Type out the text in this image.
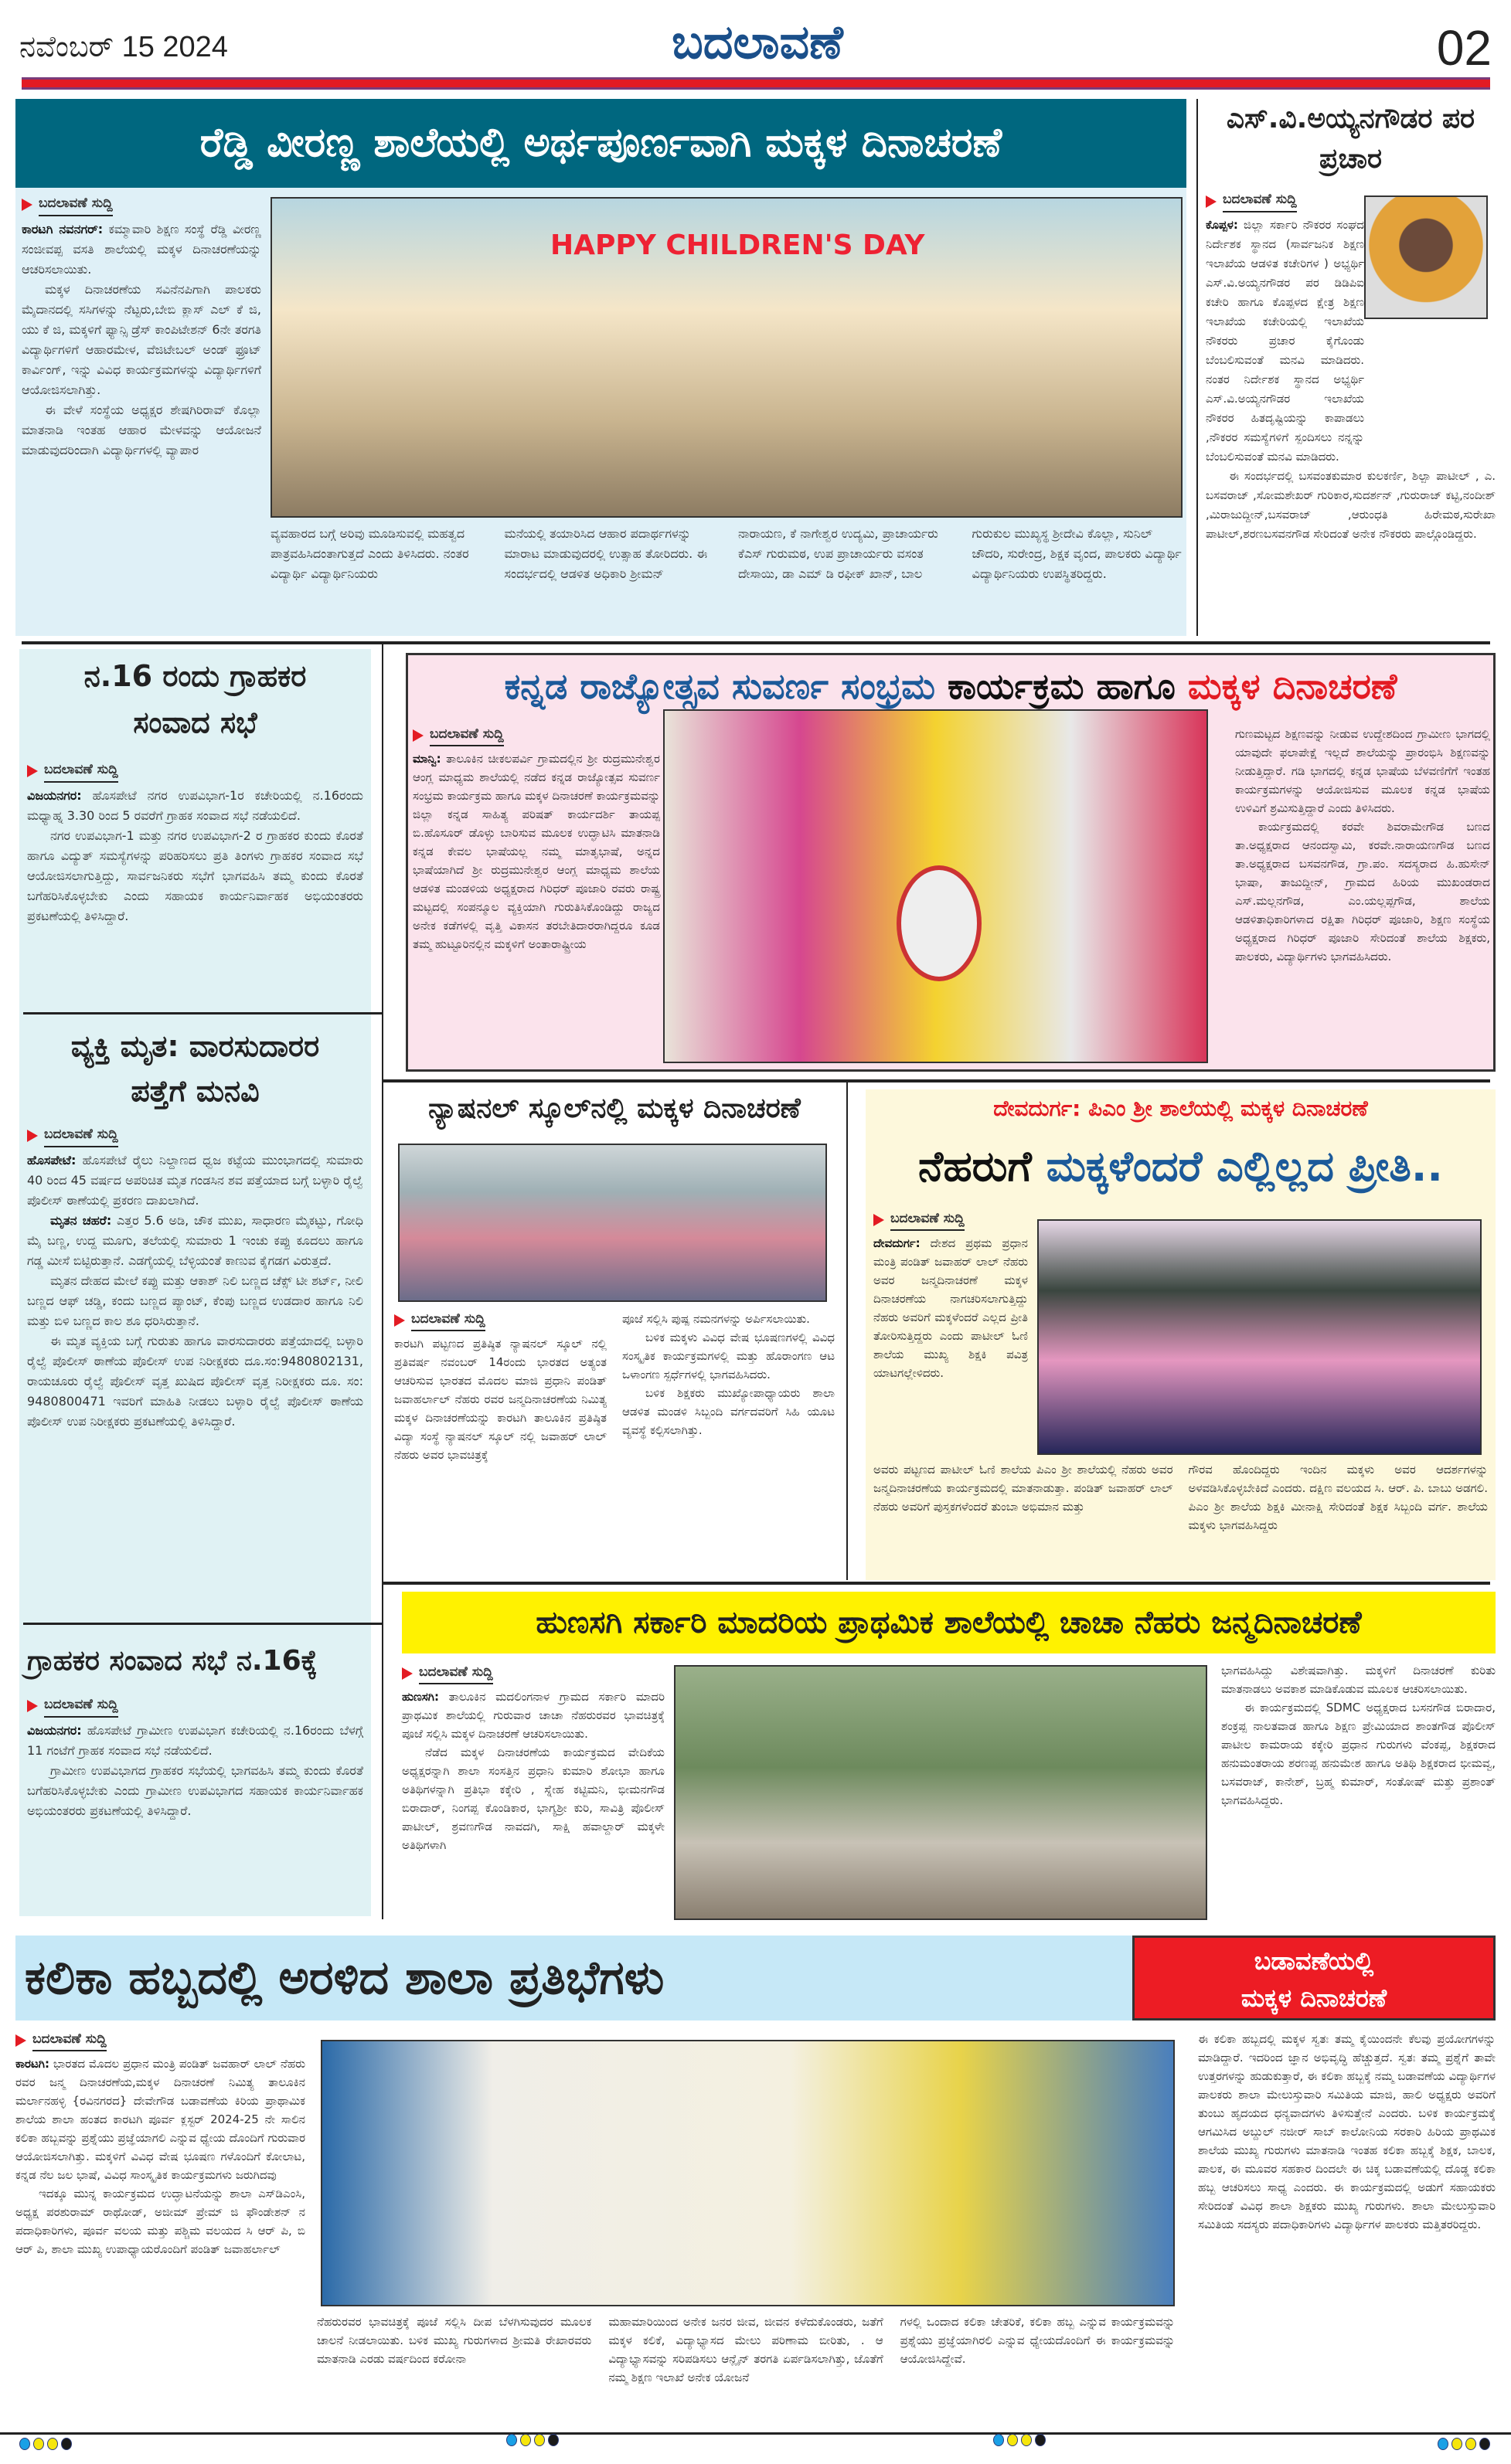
ನವೆಂಬರ್ 15 2024	ಬದಲಾವಣೆ	02
ರೆಡ್ಡಿ ವೀರಣ್ಣ ಶಾಲೆಯಲ್ಲಿ ಅರ್ಥಪೂರ್ಣವಾಗಿ ಮಕ್ಕಳ ದಿನಾಚರಣೆ
ಬದಲಾವಣೆ ಸುದ್ದಿ

ಕಾರಟಗಿ ನವನಗರ್: ಕಮ್ಮಾವಾರಿ ಶಿಕ್ಷಣ ಸಂಸ್ಥೆ ರೆಡ್ಡಿ ವೀರಣ್ಣ ಸಂಜೀವಪ್ಪ ವಸತಿ ಶಾಲೆಯಲ್ಲಿ ಮಕ್ಕಳ ದಿನಾಚರಣೆಯನ್ನು ಆಚರಿಸಲಾಯಿತು.

ಮಕ್ಕಳ ದಿನಾಚರಣೆಯ ಸವಿನೆನಪಿಗಾಗಿ ಪಾಲಕರು ಮೈದಾನದಲ್ಲಿ ಸಸಿಗಳನ್ನು ನೆಟ್ಟರು,ಬೇಬಿ ಕ್ಲಾಸ್ ಎಲ್ ಕೆ ಜಿ, ಯು ಕೆ ಜಿ, ಮಕ್ಕಳಿಗೆ ಫ್ಯಾನ್ಸಿ ಡ್ರೆಸ್ ಕಾಂಪಿಟೇಶನ್ 6ನೇ ತರಗತಿ ವಿದ್ಯಾರ್ಥಿಗಳಿಗೆ ಆಹಾರಮೇಳ, ವೆಜಿಟೇಬಲ್ ಅಂಡ್ ಫ್ರೂಟ್ ಕಾರ್ವಿಂಗ್, ಇನ್ನು ವಿವಿಧ ಕಾರ್ಯಕ್ರಮಗಳನ್ನು ವಿದ್ಯಾರ್ಥಿಗಳಿಗೆ ಆಯೋಜಿಸಲಾಗಿತ್ತು.

ಈ ವೇಳೆ ಸಂಸ್ಥೆಯ ಅಧ್ಯಕ್ಷರ ಶೇಷಗಿರಿರಾವ್ ಕೊಲ್ಲಾ ಮಾತನಾಡಿ ಇಂತಹ ಆಹಾರ ಮೇಳವನ್ನು ಆಯೋಜನೆ ಮಾಡುವುದರಿಂದಾಗಿ ವಿದ್ಯಾರ್ಥಿಗಳಲ್ಲಿ ವ್ಯಾಪಾರ

HAPPY CHILDREN'S DAY
ವ್ಯವಹಾರದ ಬಗ್ಗೆ ಅರಿವು ಮೂಡಿಸುವಲ್ಲಿ ಮಹತ್ವದ ಪಾತ್ರವಹಿಸಿದಂತಾಗುತ್ತದೆ ಎಂದು ತಿಳಿಸಿದರು. ನಂತರ ವಿದ್ಯಾರ್ಥಿ ವಿದ್ಯಾರ್ಥಿನಿಯರು
ಮನೆಯಲ್ಲಿ ತಯಾರಿಸಿದ ಆಹಾರ ಪದಾರ್ಥಗಳನ್ನು ಮಾರಾಟ ಮಾಡುವುದರಲ್ಲಿ ಉತ್ಸಾಹ ತೋರಿದರು. ಈ ಸಂದರ್ಭದಲ್ಲಿ ಆಡಳಿತ ಅಧಿಕಾರಿ ಶ್ರೀಮನ್
ನಾರಾಯಣ, ಕೆ ನಾಗೇಶ್ವರ ಉದ್ಯಮಿ, ಪ್ರಾಚಾರ್ಯರು ಕೆಎಸ್ ಗುರುಮಠ, ಉಪ ಪ್ರಾಚಾರ್ಯರು ವಸಂತ ದೇಸಾಯಿ, ಡಾ ಎಮ್ ಡಿ ರಫೀಕ್ ಖಾನ್, ಬಾಲ
ಗುರುಕುಲ ಮುಖ್ಯಸ್ಥ ಶ್ರೀದೇವಿ ಕೊಲ್ಲಾ, ಸುನಿಲ್ ಚೌದರಿ, ಸುರೇಂದ್ರ, ಶಿಕ್ಷಕ ವೃಂದ, ಪಾಲಕರು ವಿದ್ಯಾರ್ಥಿ ವಿದ್ಯಾರ್ಥಿನಿಯರು ಉಪಸ್ಥಿತರಿದ್ದರು.
ಎಸ್.ವಿ.ಅಯ್ಯನಗೌಡರ ಪರ ಪ್ರಚಾರ
ಬದಲಾವಣೆ ಸುದ್ದಿ

ಕೊಪ್ಪಳ: ಜಿಲ್ಲಾ ಸರ್ಕಾರಿ ನೌಕರರ ಸಂಘದ ನಿರ್ದೇಶಕ ಸ್ಥಾನದ (ಸಾರ್ವಜನಿಕ ಶಿಕ್ಷಣ ಇಲಾಖೆಯ ಆಡಳಿತ ಕಚೇರಿಗಳ ) ಅಭ್ಯರ್ಥಿ ಎಸ್.ವಿ.ಅಯ್ಯನಗೌಡರ ಪರ ಡಿಡಿಪಿಐ ಕಚೇರಿ ಹಾಗೂ ಕೊಪ್ಪಳದ ಕ್ಷೇತ್ರ ಶಿಕ್ಷಣ ಇಲಾಖೆಯ ಕಚೇರಿಯಲ್ಲಿ ಇಲಾಖೆಯ ನೌಕರರು ಪ್ರಚಾರ ಕೈಗೊಂಡು ಬೆಂಬಲಿಸುವಂತೆ ಮನವಿ ಮಾಡಿದರು. ನಂತರ ನಿರ್ದೇಶಕ ಸ್ಥಾನದ ಅಭ್ಯರ್ಥಿ ಎಸ್.ವಿ.ಅಯ್ಯನಗೌಡರ ಇಲಾಖೆಯ ನೌಕರರ ಹಿತದೃಷ್ಟಿಯನ್ನು ಕಾಪಾಡಲು ,ನೌಕರರ ಸಮಸ್ಯೆಗಳಿಗೆ ಸ್ಪಂದಿಸಲು ನನ್ನನ್ನು ಬೆಂಬಲಿಸುವಂತೆ ಮನವಿ ಮಾಡಿದರು.

ಈ ಸಂದರ್ಭದಲ್ಲಿ ಬಸವಂತಕುಮಾರ ಕುಲಕರ್ಣಿ, ಶಿಲ್ಪಾ ಪಾಟೀಲ್ , ಎ. ಬಸವರಾಜ್ ,ಸೋಮಶೇಖರ್ ಗುರಿಕಾರ,ಸುದರ್ಶನ್ ,ಗುರುರಾಜ್ ಕಟ್ಟಿ,ನಂದೀಶ್ ,ಮಿರಾಜುದ್ದೀನ್,ಬಸವರಾಜ್ ,ಆರುಂಧತಿ ಹಿರೇಮಠ,ಸುರೇಖಾ ಪಾಟೀಲ್,ಶರಣಬಸವನಗೌಡ ಸೇರಿದಂತೆ ಅನೇಕ ನೌಕರರು ಪಾಲ್ಗೊಂಡಿದ್ದರು.

ನ.16 ರಂದು ಗ್ರಾಹಕರ ಸಂವಾದ ಸಭೆ
ಬದಲಾವಣೆ ಸುದ್ದಿ

ವಿಜಯನಗರ: ಹೊಸಪೇಟೆ ನಗರ ಉಪವಿಭಾಗ-1ರ ಕಚೇರಿಯಲ್ಲಿ ನ.16ರಂದು ಮಧ್ಯಾಹ್ನ 3.30 ರಿಂದ 5 ರವರೆಗೆ ಗ್ರಾಹಕ ಸಂವಾದ ಸಭೆ ನಡೆಯಲಿದೆ.

ನಗರ ಉಪವಿಭಾಗ-1 ಮತ್ತು ನಗರ ಉಪವಿಭಾಗ-2 ರ ಗ್ರಾಹಕರ ಕುಂದು ಕೊರತೆ ಹಾಗೂ ವಿದ್ಯುತ್ ಸಮಸ್ಯೆಗಳನ್ನು ಪರಿಹರಿಸಲು ಪ್ರತಿ ತಿಂಗಳು ಗ್ರಾಹಕರ ಸಂವಾದ ಸಭೆ ಆಯೋಜಿಸಲಾಗುತ್ತಿದ್ದು, ಸಾರ್ವಜನಿಕರು ಸಭೆಗೆ ಭಾಗವಹಿಸಿ ತಮ್ಮ ಕುಂದು ಕೊರತೆ ಬಗೆಹರಿಸಿಕೊಳ್ಳಬೇಕು ಎಂದು ಸಹಾಯಕ ಕಾರ್ಯನಿರ್ವಾಹಕ ಅಭಿಯಂತರರು ಪ್ರಕಟಣೆಯಲ್ಲಿ ತಿಳಿಸಿದ್ದಾರೆ.

ವ್ಯಕ್ತಿ ಮೃತ: ವಾರಸುದಾರರ ಪತ್ತೆಗೆ ಮನವಿ
ಬದಲಾವಣೆ ಸುದ್ದಿ

ಹೊಸಪೇಟೆ: ಹೊಸಪೇಟೆ ರೈಲು ನಿಲ್ದಾಣದ ಧ್ವಜ ಕಟ್ಟೆಯ ಮುಂಭಾಗದಲ್ಲಿ ಸುಮಾರು 40 ರಿಂದ 45 ವರ್ಷದ ಅಪರಿಚಿತ ಮೃತ ಗಂಡಸಿನ ಶವ ಪತ್ತೆಯಾದ ಬಗ್ಗೆ ಬಳ್ಳಾರಿ ರೈಲ್ವೆ ಪೊಲೀಸ್ ಠಾಣೆಯಲ್ಲಿ ಪ್ರಕರಣ ದಾಖಲಾಗಿದೆ.

ಮೃತನ ಚಹರೆ: ಎತ್ತರ 5.6 ಅಡಿ, ಚೌಕ ಮುಖ, ಸಾಧಾರಣ ಮೈಕಟ್ಟು, ಗೋಧಿ ಮೈ ಬಣ್ಣ, ಉದ್ದ ಮೂಗು, ತಲೆಯಲ್ಲಿ ಸುಮಾರು 1 ಇಂಚು ಕಪ್ಪು ಕೂದಲು ಹಾಗೂ ಗಡ್ಡ ಮೀಸೆ ಬಿಟ್ಟಿರುತ್ತಾನೆ. ಎಡಗೈಯಲ್ಲಿ ಬೆಳ್ಳಿಯಂತೆ ಕಾಣುವ ಕೈಗಡಗ ವಿರುತ್ತದೆ.

ಮೃತನ ದೇಹದ ಮೇಲೆ ಕಪ್ಪು ಮತ್ತು ಆಕಾಶ್ ನಿಲಿ ಬಣ್ಣದ ಚೆಕ್ಸ್ ಟೀ ಶರ್ಟ್, ನೀಲಿ ಬಣ್ಣದ ಆಫ್ ಚಡ್ಡಿ, ಕಂದು ಬಣ್ಣದ ಪ್ಯಾಂಟ್, ಕೆಂಪು ಬಣ್ಣದ ಉಡದಾರ ಹಾಗೂ ನಿಲಿ ಮತ್ತು ಬಿಳಿ ಬಣ್ಣದ ಕಾಲ ಶೂ ಧರಿಸಿರುತ್ತಾನೆ.

ಈ ಮೃತ ವ್ಯಕ್ತಿಯ ಬಗ್ಗೆ ಗುರುತು ಹಾಗೂ ವಾರಸುದಾರರು ಪತ್ತೆಯಾದಲ್ಲಿ ಬಳ್ಳಾರಿ ರೈಲ್ವೆ ಪೊಲೀಸ್ ಠಾಣೆಯ ಪೊಲೀಸ್ ಉಪ ನಿರೀಕ್ಷಕರು ದೂ.ಸಂ:9480802131, ರಾಯಚೂರು ರೈಲ್ವೆ ಪೊಲೀಸ್ ವೃತ್ತ ಖುಷಿದ ಪೊಲೀಸ್ ವೃತ್ತ ನಿರೀಕ್ಷಕರು ದೂ. ಸಂ: 9480800471 ಇವರಿಗೆ ಮಾಹಿತಿ ನೀಡಲು ಬಳ್ಳಾರಿ ರೈಲ್ವೆ ಪೊಲೀಸ್ ಠಾಣೆಯ ಪೊಲೀಸ್ ಉಪ ನಿರೀಕ್ಷಕರು ಪ್ರಕಟಣೆಯಲ್ಲಿ ತಿಳಿಸಿದ್ದಾರೆ.

ಗ್ರಾಹಕರ ಸಂವಾದ ಸಭೆ ನ.16ಕ್ಕೆ
ಬದಲಾವಣೆ ಸುದ್ದಿ

ವಿಜಯನಗರ: ಹೊಸಪೇಟೆ ಗ್ರಾಮೀಣ ಉಪವಿಭಾಗ ಕಚೇರಿಯಲ್ಲಿ ನ.16ರಂದು ಬೆಳಗ್ಗೆ 11 ಗಂಟೆಗೆ ಗ್ರಾಹಕ ಸಂವಾದ ಸಭೆ ನಡೆಯಲಿದೆ.

ಗ್ರಾಮೀಣ ಉಪವಿಭಾಗದ ಗ್ರಾಹಕರ ಸಭೆಯಲ್ಲಿ ಭಾಗವಹಿಸಿ ತಮ್ಮ ಕುಂದು ಕೊರತೆ ಬಗೆಹರಿಸಿಕೊಳ್ಳಬೇಕು ಎಂದು ಗ್ರಾಮೀಣ ಉಪವಿಭಾಗದ ಸಹಾಯಕ ಕಾರ್ಯನಿರ್ವಾಹಕ ಅಭಿಯಂತರರು ಪ್ರಕಟಣೆಯಲ್ಲಿ ತಿಳಿಸಿದ್ದಾರೆ.

ಕನ್ನಡ ರಾಜ್ಯೋತ್ಸವ ಸುವರ್ಣ ಸಂಭ್ರಮ ಕಾರ್ಯಕ್ರಮ ಹಾಗೂ ಮಕ್ಕಳ ದಿನಾಚರಣೆ
ಬದಲಾವಣೆ ಸುದ್ದಿ

ಮಾನ್ವಿ: ತಾಲೂಕಿನ ಚೀಕಲಪರ್ವಿ ಗ್ರಾಮದಲ್ಲಿನ ಶ್ರೀ ರುದ್ರಮುನೇಶ್ವರ ಆಂಗ್ಲ ಮಾಧ್ಯಮ ಶಾಲೆಯಲ್ಲಿ ನಡೆದ ಕನ್ನಡ ರಾಜ್ಯೋತ್ಸವ ಸುವರ್ಣ ಸಂಭ್ರಮ ಕಾರ್ಯಕ್ರಮ ಹಾಗೂ ಮಕ್ಕಳ ದಿನಾಚರಣೆ ಕಾರ್ಯಕ್ರಮವನ್ನು ಜಿಲ್ಲಾ ಕನ್ನಡ ಸಾಹಿತ್ಯ ಪರಿಷತ್ ಕಾರ್ಯದರ್ಶಿ ತಾಯಪ್ಪ ಬಿ.ಹೊಸೂರ್ ಡೊಳ್ಳು ಬಾರಿಸುವ ಮೂಲಕ ಉದ್ಘಾಟಿಸಿ ಮಾತನಾಡಿ ಕನ್ನಡ ಕೇವಲ ಭಾಷೆಯಲ್ಲ ನಮ್ಮ ಮಾತೃಭಾಷೆ, ಅನ್ನದ ಭಾಷೆಯಾಗಿದೆ ಶ್ರೀ ರುದ್ರಮುನೇಶ್ವರ ಆಂಗ್ಲ ಮಾಧ್ಯಮ ಶಾಲೆಯ ಆಡಳಿತ ಮಂಡಳಿಯ ಅಧ್ಯಕ್ಷರಾದ ಗಿರಿಧರ್ ಪೂಜಾರಿ ರವರು ರಾಷ್ಟ್ರ ಮಟ್ಟದಲ್ಲಿ ಸಂಪನ್ಮೂಲ ವ್ಯಕ್ತಿಯಾಗಿ ಗುರುತಿಸಿಕೊಂಡಿದ್ದು ರಾಜ್ಯದ ಅನೇಕ ಕಡೆಗಳಲ್ಲಿ ವೃತ್ತಿ ವಿಕಾಸನ ತರಬೇತಿದಾರರಾಗಿದ್ದರೂ ಕೂಡ ತಮ್ಮ ಹುಟ್ಟೂರಿನಲ್ಲಿನ ಮಕ್ಕಳಿಗೆ ಅಂತಾರಾಷ್ಟ್ರೀಯ

ಗುಣಮಟ್ಟದ ಶಿಕ್ಷಣವನ್ನು ನೀಡುವ ಉದ್ದೇಶದಿಂದ ಗ್ರಾಮೀಣ ಭಾಗದಲ್ಲಿ ಯಾವುದೇ ಫಲಾಪೇಕ್ಷೆ ಇಲ್ಲದೆ ಶಾಲೆಯನ್ನು ಪ್ರಾರಂಭಿಸಿ ಶಿಕ್ಷಣವನ್ನು ನೀಡುತ್ತಿದ್ದಾರೆ. ಗಡಿ ಭಾಗದಲ್ಲಿ ಕನ್ನಡ ಭಾಷೆಯ ಬೆಳವಣಿಗೆಗೆ ಇಂತಹ ಕಾರ್ಯಕ್ರಮಗಳನ್ನು ಆಯೋಜಿಸುವ ಮೂಲಕ ಕನ್ನಡ ಭಾಷೆಯ ಉಳಿವಿಗೆ ಶ್ರಮಿಸುತ್ತಿದ್ದಾರೆ ಎಂದು ತಿಳಿಸಿದರು.

ಕಾರ್ಯಕ್ರಮದಲ್ಲಿ ಕರವೇ ಶಿವರಾಮೇಗೌಡ ಬಣದ ತಾ.ಅಧ್ಯಕ್ಷರಾದ ಆನಂದಸ್ವಾಮಿ, ಕರವೇ.ನಾರಾಯಣಗೌಡ ಬಣದ ತಾ.ಅಧ್ಯಕ್ಷರಾದ ಬಸವನಗೌಡ, ಗ್ರಾ.ಪಂ. ಸದಸ್ಯರಾದ ಹಿ.ಹುಸೇನ್ ಭಾಷಾ, ತಾಜುದ್ದೀನ್, ಗ್ರಾಮದ ಹಿರಿಯ ಮುಖಂಡರಾದ ಎಸ್.ಮಲ್ಲನಗೌಡ, ಎಂ.ಯಲ್ಲಪ್ಪಗೌಡ, ಶಾಲೆಯ ಆಡಳಿತಾಧಿಕಾರಿಗಳಾದ ರಕ್ಷಿತಾ ಗಿರಿಧರ್ ಪೂಜಾರಿ, ಶಿಕ್ಷಣ ಸಂಸ್ಥೆಯ ಅಧ್ಯಕ್ಷರಾದ ಗಿರಿಧರ್ ಪೂಜಾರಿ ಸೇರಿದಂತೆ ಶಾಲೆಯ ಶಿಕ್ಷಕರು, ಪಾಲಕರು, ವಿದ್ಯಾರ್ಥಿಗಳು ಭಾಗವಹಿಸಿದರು.

ನ್ಯಾಷನಲ್ ಸ್ಕೂಲ್‌ನಲ್ಲಿ ಮಕ್ಕಳ ದಿನಾಚರಣೆ
ಬದಲಾವಣೆ ಸುದ್ದಿ

ಕಾರಟಗಿ ಪಟ್ಟಣದ ಪ್ರತಿಷ್ಠಿತ ನ್ಯಾಷನಲ್ ಸ್ಕೂಲ್ ನಲ್ಲಿ ಪ್ರತಿವರ್ಷ ನವಂಬರ್ 14ರಂದು ಭಾರತದ ಅತ್ಯಂತ ಆಚರಿಸುವ ಭಾರತದ ಮೊದಲ ಮಾಜಿ ಪ್ರಧಾನಿ ಪಂಡಿತ್ ಜವಾಹರ್ಲಾಲ್ ನೆಹರು ರವರ ಜನ್ಮದಿನಾಚರಣೆಯ ನಿಮಿತ್ಯ ಮಕ್ಕಳ ದಿನಾಚರಣೆಯನ್ನು ಕಾರಟಗಿ ತಾಲೂಕಿನ ಪ್ರತಿಷ್ಠಿತ ವಿದ್ಯಾ ಸಂಸ್ಥೆ ನ್ಯಾಷನಲ್ ಸ್ಕೂಲ್ ನಲ್ಲಿ ಜವಾಹರ್ ಲಾಲ್ ನೆಹರು ಅವರ ಭಾವಚಿತ್ರಕ್ಕೆ

ಪೂಜೆ ಸಲ್ಲಿಸಿ ಪುಷ್ಪ ನಮನಗಳನ್ನು ಅರ್ಪಿಸಲಾಯಿತು.

ಬಳಿಕ ಮಕ್ಕಳು ವಿವಿಧ ವೇಷ ಭೂಷಣಗಳಲ್ಲಿ ವಿವಿಧ ಸಂಸ್ಕೃತಿಕ ಕಾರ್ಯಕ್ರಮಗಳಲ್ಲಿ ಮತ್ತು ಹೊರಾಂಗಣ ಆಟ ಒಳಾಂಗಣ ಸ್ಪರ್ಧೆಗಳಲ್ಲಿ ಭಾಗವಹಿಸಿದರು.

ಬಳಿಕ ಶಿಕ್ಷಕರು ಮುಖ್ಯೋಪಾಧ್ಯಾಯರು ಶಾಲಾ ಆಡಳಿತ ಮಂಡಳಿ ಸಿಬ್ಬಂದಿ ವರ್ಗದವರಿಗೆ ಸಿಹಿ ಯೂಟ ವ್ಯವಸ್ಥೆ ಕಲ್ಪಿಸಲಾಗಿತ್ತು.

ದೇವದುರ್ಗ: ಪಿಎಂ ಶ್ರೀ ಶಾಲೆಯಲ್ಲಿ ಮಕ್ಕಳ ದಿನಾಚರಣೆ
ನೆಹರುಗೆ ಮಕ್ಕಳೆಂದರೆ ಎಲ್ಲಿಲ್ಲದ ಪ್ರೀತಿ..
ಬದಲಾವಣೆ ಸುದ್ದಿ

ದೇವದುರ್ಗ: ದೇಶದ ಪ್ರಥಮ ಪ್ರಧಾನ ಮಂತ್ರಿ ಪಂಡಿತ್ ಜವಾಹರ್ ಲಾಲ್ ನೆಹರು ಅವರ ಜನ್ಮದಿನಾಚರಣೆ ಮಕ್ಕಳ ದಿನಾಚರಣೆಯ ನಾಗಚರಿಸಲಾಗುತ್ತಿದ್ದು ನೆಹರು ಅವರಿಗೆ ಮಕ್ಕಳೆಂದರೆ ಎಲ್ಲದ ಪ್ರೀತಿ ತೋರಿಸುತ್ತಿದ್ದರು ಎಂದು ಪಾಟೀಲ್ ಓಣಿ ಶಾಲೆಯ ಮುಖ್ಯ ಶಿಕ್ಷಕಿ ಪವಿತ್ರ ಯಾಟಗಲ್ಲೇಳಿದರು.

ಅವರು ಪಟ್ಟಣದ ಪಾಟೀಲ್ ಓಣಿ ಶಾಲೆಯ ಪಿಎಂ ಶ್ರೀ ಶಾಲೆಯಲ್ಲಿ ನೆಹರು ಅವರ ಜನ್ಮದಿನಾಚರಣೆಯ ಕಾರ್ಯಕ್ರಮದಲ್ಲಿ ಮಾತನಾಡುತ್ತಾ. ಪಂಡಿತ್ ಜವಾಹರ್ ಲಾಲ್ ನೆಹರು ಅವರಿಗೆ ಪುಸ್ತಕಗಳೆಂದರೆ ತುಂಬಾ ಅಭಿಮಾನ ಮತ್ತು

ಗೌರವ ಹೊಂದಿದ್ದರು ಇಂದಿನ ಮಕ್ಕಳು ಅವರ ಆದರ್ಶಗಳನ್ನು ಅಳವಡಿಸಿಕೊಳ್ಳಬೇಕಿದೆ ಎಂದರು. ದಕ್ಷಿಣ ವಲಯದ ಸಿ. ಆರ್. ಪಿ. ಬಾಬು ಅಡಗಲಿ. ಪಿಎಂ ಶ್ರೀ ಶಾಲೆಯ ಶಿಕ್ಷಕಿ ಮೀನಾಕ್ಷಿ ಸೇರಿದಂತೆ ಶಿಕ್ಷಕ ಸಿಬ್ಬಂದಿ ವರ್ಗ. ಶಾಲೆಯ ಮಕ್ಕಳು ಭಾಗವಹಿಸಿದ್ದರು

ಹುಣಸಗಿ ಸರ್ಕಾರಿ ಮಾದರಿಯ ಪ್ರಾಥಮಿಕ ಶಾಲೆಯಲ್ಲಿ ಚಾಚಾ ನೆಹರು ಜನ್ಮದಿನಾಚರಣೆ
ಬದಲಾವಣೆ ಸುದ್ದಿ

ಹುಣಸಗಿ: ತಾಲೂಕಿನ ಮದಲಿಂಗನಾಳ ಗ್ರಾಮದ ಸರ್ಕಾರಿ ಮಾದರಿ ಪ್ರಾಥಮಿಕ ಶಾಲೆಯಲ್ಲಿ ಗುರುವಾರ ಚಾಚಾ ನೆಹರುರವರ ಭಾವಚಿತ್ರಕ್ಕೆ ಪೂಜೆ ಸಲ್ಲಿಸಿ ಮಕ್ಕಳ ದಿನಾಚರಣೆ ಆಚರಿಸಲಾಯಿತು.

ನೆಡೆದ ಮಕ್ಕಳ ದಿನಾಚರಣೆಯ ಕಾರ್ಯಕ್ರಮದ ವೇದಿಕೆಯ ಅಧ್ಯಕ್ಷರನ್ನಾಗಿ ಶಾಲಾ ಸಂಸತ್ತಿನ ಪ್ರಧಾನಿ ಕುಮಾರಿ ಶೋಭಾ ಹಾಗೂ ಅತಿಥಿಗಳನ್ನಾಗಿ ಪ್ರತಿಭಾ ಕಕ್ಕೇರಿ , ಸ್ನೇಹ ಕಟ್ಟಿಮನಿ, ಭೀಮನಗೌಡ ಬಿರಾದಾರ್, ನಿಂಗಪ್ಪ ಕೊಂಡಿಕಾರ, ಭಾಗ್ಯಶ್ರೀ ಕುರಿ, ಸಾವಿತ್ರಿ ಪೊಲೀಸ್ ಪಾಟೀಲ್, ಶ್ರವಣಗೌಡ ನಾವದಗಿ, ಸಾಕ್ಷಿ ಹವಾಲ್ದಾರ್ ಮಕ್ಕಳೇ ಅತಿಥಿಗಳಾಗಿ

ಭಾಗವಹಿಸಿದ್ದು ವಿಶೇಷವಾಗಿತ್ತು. ಮಕ್ಕಳಿಗೆ ದಿನಾಚರಣೆ ಕುರಿತು ಮಾತನಾಡಲು ಅವಕಾಶ ಮಾಡಿಕೊಡುವ ಮೂಲಕ ಆಚರಿಸಲಾಯಿತು.

ಈ ಕಾರ್ಯಕ್ರಮದಲ್ಲಿ SDMC ಅಧ್ಯಕ್ಷರಾದ ಬಸನಗೌಡ ಬಿರಾದಾರ, ಶಂಕ್ರಪ್ಪ ನಾಲತವಾಡ ಹಾಗೂ ಶಿಕ್ಷಣ ಪ್ರೇಮಿಯಾದ ಶಾಂತಗೌಡ ಪೊಲೀಸ್ ಪಾಟೀಲ ಕಾಮರಾಯ ಕಕ್ಕೇರಿ ಪ್ರಧಾನ ಗುರುಗಳು ವೆಂಕಪ್ಪ, ಶಿಕ್ಷಕರಾದ ಹನುಮಂತರಾಯ ಶರಣಪ್ಪ ಹನುಮೇಶ ಹಾಗೂ ಅತಿಥಿ ಶಿಕ್ಷಕರಾದ ಭೀಮವ್ವ, ಬಸವರಾಜ್, ಕಾನೇಶ್, ಬ್ರಹ್ಮ ಕುಮಾರ್, ಸಂತೋಷ್ ಮತ್ತು ಪ್ರಶಾಂತ್ ಭಾಗವಹಿಸಿದ್ದರು.

ಕಲಿಕಾ ಹಬ್ಬದಲ್ಲಿ ಅರಳಿದ ಶಾಲಾ ಪ್ರತಿಭೆಗಳು	ಬಡಾವಣೆಯಲ್ಲಿ
ಮಕ್ಕಳ ದಿನಾಚರಣೆ
ಬದಲಾವಣೆ ಸುದ್ದಿ

ಕಾರಟಗಿ: ಭಾರತದ ಮೊದಲ ಪ್ರಧಾನ ಮಂತ್ರಿ ಪಂಡಿತ್ ಜವಹಾರ್ ಲಾಲ್ ನೆಹರು ರವರ ಜನ್ಮ ದಿನಾಚರಣೆಯ,ಮಕ್ಕಳ ದಿನಾಚರಣೆ ನಿಮಿತ್ಯ ತಾಲೂಕಿನ ಮರ್ಲಾನಹಳ್ಳಿ {ರವಿನಗರದ} ದೇವೇಗೌಡ ಬಡಾವಣೆಯ ಕಿರಿಯ ಪ್ರಾಥಾಮಿಕ ಶಾಲೆಯ ಶಾಲಾ ಹಂತದ ಕಾರಟಗಿ ಪೂರ್ವ ಕ್ಲಸ್ಟರ್ 2024-25 ನೇ ಸಾಲಿನ ಕಲಿಕಾ ಹಬ್ಬವನ್ನು ಪ್ರಶ್ನೆಯು ಪ್ರಜ್ಞೆಯಾಗಲಿ ಎನ್ನುವ ಧ್ಯೇಯ ದೊಂದಿಗೆ ಗುರುವಾರ ಆಯೋಜಿಸಲಾಗಿತ್ತು. ಮಕ್ಕಳಿಗೆ ವಿವಿಧ ವೇಷ ಭೂಷಣ ಗಳೊಂದಿಗೆ ಕೋಲಾಟ, ಕನ್ನಡ ನೆಲ ಜಲ ಭಾಷೆ, ವಿವಿಧ ಸಾಂಸ್ಕೃತಿಕ ಕಾರ್ಯಕ್ರಮಗಳು ಜರುಗಿದವು

ಇದಕ್ಕೂ ಮುನ್ನ ಕಾರ್ಯಕ್ರಮದ ಉದ್ಘಾಟನೆಯನ್ನು ಶಾಲಾ ಎಸ್‌ಡಿಎಂಸಿ, ಅಧ್ಯಕ್ಷ ಪರಶುರಾಮ್ ರಾಥೋಡ್, ಅಜೀಮ್ ಪ್ರೇಮ್ ಜಿ ಫೌಂಡೇಶನ್ ನ ಪದಾಧಿಕಾರಿಗಳು, ಪೂರ್ವ ವಲಯ ಮತ್ತು ಪಶ್ಚಿಮ ವಲಯದ ಸಿ ಆರ್ ಪಿ, ಬಿ ಆರ್ ಪಿ, ಶಾಲಾ ಮುಖ್ಯ ಉಪಾಧ್ಯಾಯರೊಂದಿಗೆ ಪಂಡಿತ್ ಜವಾಹರ್ಲಾಲ್

ನೆಹರುರವರ ಭಾವಚಿತ್ರಕ್ಕೆ ಪೂಜೆ ಸಲ್ಲಿಸಿ ದೀಪ ಬೆಳಗಿಸುವುದರ ಮೂಲಕ ಚಾಲನೆ ನೀಡಲಾಯಿತು. ಬಳಿಕ ಮುಖ್ಯ ಗುರುಗಳಾದ ಶ್ರೀಮತಿ ರೇಖಾರವರು ಮಾತನಾಡಿ ಎರಡು ವರ್ಷದಿಂದ ಕರೋನಾ

ಮಹಾಮಾರಿಯಿಂದ ಅನೇಕ ಜನರ ಜೀವ, ಜೀವನ ಕಳೆದುಕೊಂಡರು, ಜತೆಗೆ ಮಕ್ಕಳ ಕಲಿಕೆ, ವಿದ್ಯಾಭ್ಯಾಸದ ಮೇಲು ಪರಿಣಾಮ ಬೀರಿತು, . ಆ ವಿದ್ಯಾಭ್ಯಾಸವನ್ನು ಸರಿಪಡಿಸಲು ಆನ್ಲೈನ್ ತರಗತಿ ಏರ್ಪಡಿಸಲಾಗಿತ್ತು, ಜೊತೆಗೆ ನಮ್ಮ ಶಿಕ್ಷಣ ಇಲಾಖೆ ಅನೇಕ ಯೋಜನೆ

ಗಳಲ್ಲಿ ಒಂದಾದ ಕಲಿಕಾ ಚೇತರಿಕೆ, ಕಲಿಕಾ ಹಬ್ಬ ಎನ್ನುವ ಕಾರ್ಯಕ್ರಮವನ್ನು ಪ್ರಶ್ನೆಯು ಪ್ರಜ್ಞೆಯಾಗಿರಲಿ ಎನ್ನುವ ಧ್ಯೇಯದೊಂದಿಗೆ ಈ ಕಾರ್ಯಕ್ರಮವನ್ನು ಆಯೋಜಿಸಿದ್ದೇವೆ.

ಈ ಕಲಿಕಾ ಹಬ್ಬದಲ್ಲಿ ಮಕ್ಕಳ ಸ್ವತಃ ತಮ್ಮ ಕೈಯಿಂದನೇ ಕೆಲವು ಪ್ರಯೋಗಗಳನ್ನು ಮಾಡಿದ್ದಾರೆ. ಇದರಿಂದ ಜ್ಞಾನ ಅಭಿವೃದ್ಧಿ ಹೆಚ್ಚುತ್ತದೆ. ಸ್ವತಃ ತಮ್ಮ ಪ್ರಶ್ನೆಗೆ ತಾವೇ ಉತ್ತರಗಳನ್ನು ಹುಡುಕುತ್ತಾರೆ, ಈ ಕಲಿಕಾ ಹಬ್ಬಕ್ಕೆ ನಮ್ಮ ಬಡಾವಣೆಯ ವಿದ್ಯಾರ್ಥಿಗಳ ಪಾಲಕರು ಶಾಲಾ ಮೇಲುಸ್ತುವಾರಿ ಸಮಿತಿಯ ಮಾಜಿ, ಹಾಲಿ ಅಧ್ಯಕ್ಷರು ಅವರಿಗೆ ತುಂಬು ಹೃದಯದ ಧನ್ಯವಾದಗಳು ತಿಳಿಸುತ್ತೇನೆ ಎಂದರು. ಬಳಿಕ ಕಾರ್ಯಕ್ರಮಕ್ಕೆ ಆಗಮಿಸಿದ ಅಬ್ದುಲ್ ನಜೀರ್ ಸಾಬ್ ಕಾಲೋನಿಯ ಸರಕಾರಿ ಹಿರಿಯ ಪ್ರಾಥಮಿಕ ಶಾಲೆಯ ಮುಖ್ಯ ಗುರುಗಳು ಮಾತನಾಡಿ ಇಂತಹ ಕಲಿಕಾ ಹಬ್ಬಕ್ಕೆ ಶಿಕ್ಷಕ, ಬಾಲಕ, ಪಾಲಕ, ಈ ಮೂವರ ಸಹಕಾರ ದಿಂದಲೇ ಈ ಚಿಕ್ಕ ಬಡಾವಣೆಯಲ್ಲಿ ದೊಡ್ಡ ಕಲಿಕಾ ಹಬ್ಬ ಆಚರಿಸಲು ಸಾಧ್ಯ ಎಂದರು. ಈ ಕಾರ್ಯಕ್ರಮದಲ್ಲಿ ಅಡುಗೆ ಸಹಾಯಕರು ಸೇರಿದಂತೆ ವಿವಿಧ ಶಾಲಾ ಶಿಕ್ಷಕರು ಮುಖ್ಯ ಗುರುಗಳು. ಶಾಲಾ ಮೇಲುಸ್ತುವಾರಿ ಸಮಿತಿಯ ಸದಸ್ಯರು ಪದಾಧಿಕಾರಿಗಳು ವಿದ್ಯಾರ್ಥಿಗಳ ಪಾಲಕರು ಮತ್ತಿತರರಿದ್ದರು.
